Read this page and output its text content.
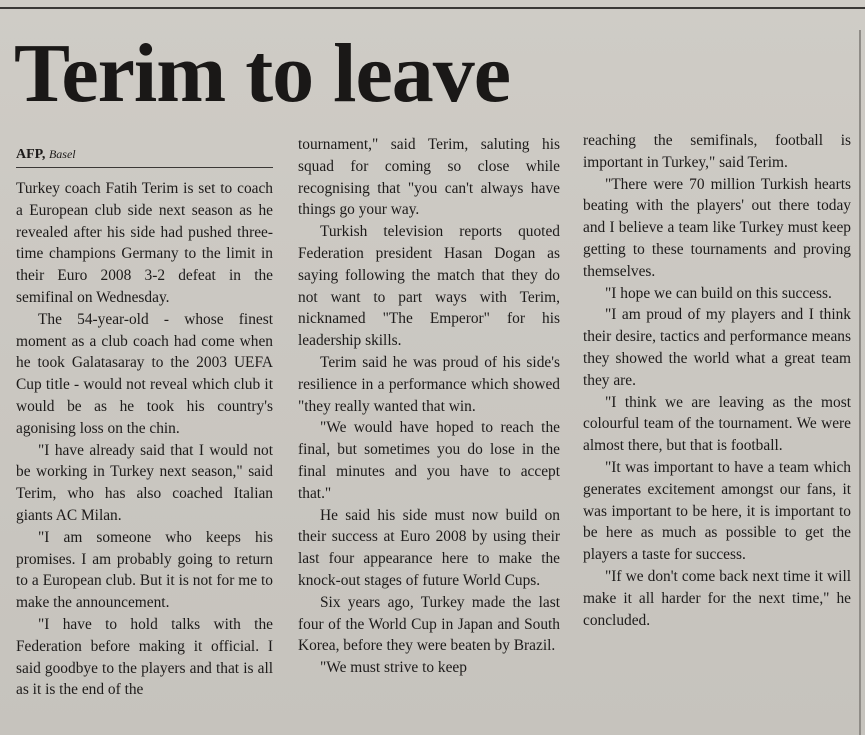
Terim to leave
AFP, Basel

Turkey coach Fatih Terim is set to coach a European club side next season as he revealed after his side had pushed three-time champions Germany to the limit in their Euro 2008 3-2 defeat in the semifinal on Wednesday.

The 54-year-old - whose finest moment as a club coach had come when he took Galatasaray to the 2003 UEFA Cup title - would not reveal which club it would be as he took his country's agonising loss on the chin.

"I have already said that I would not be working in Turkey next season," said Terim, who has also coached Italian giants AC Milan.

"I am someone who keeps his promises. I am probably going to return to a European club. But it is not for me to make the announcement.

"I have to hold talks with the Federation before making it official. I said goodbye to the players and that is all as it is the end of the

tournament," said Terim, saluting his squad for coming so close while recognising that "you can't always have things go your way.

Turkish television reports quoted Federation president Hasan Dogan as saying following the match that they do not want to part ways with Terim, nicknamed "The Emperor" for his leadership skills.

Terim said he was proud of his side's resilience in a performance which showed "they really wanted that win.

"We would have hoped to reach the final, but sometimes you do lose in the final minutes and you have to accept that."

He said his side must now build on their success at Euro 2008 by using their last four appearance here to make the knock-out stages of future World Cups.

Six years ago, Turkey made the last four of the World Cup in Japan and South Korea, before they were beaten by Brazil.

"We must strive to keep

reaching the semifinals, football is important in Turkey," said Terim.

"There were 70 million Turkish hearts beating with the players' out there today and I believe a team like Turkey must keep getting to these tournaments and proving themselves.

"I hope we can build on this success.

"I am proud of my players and I think their desire, tactics and performance means they showed the world what a great team they are.

"I think we are leaving as the most colourful team of the tournament. We were almost there, but that is football.

"It was important to have a team which generates excitement amongst our fans, it was important to be here, it is important to be here as much as possible to get the players a taste for success.

"If we don't come back next time it will make it all harder for the next time," he concluded.
